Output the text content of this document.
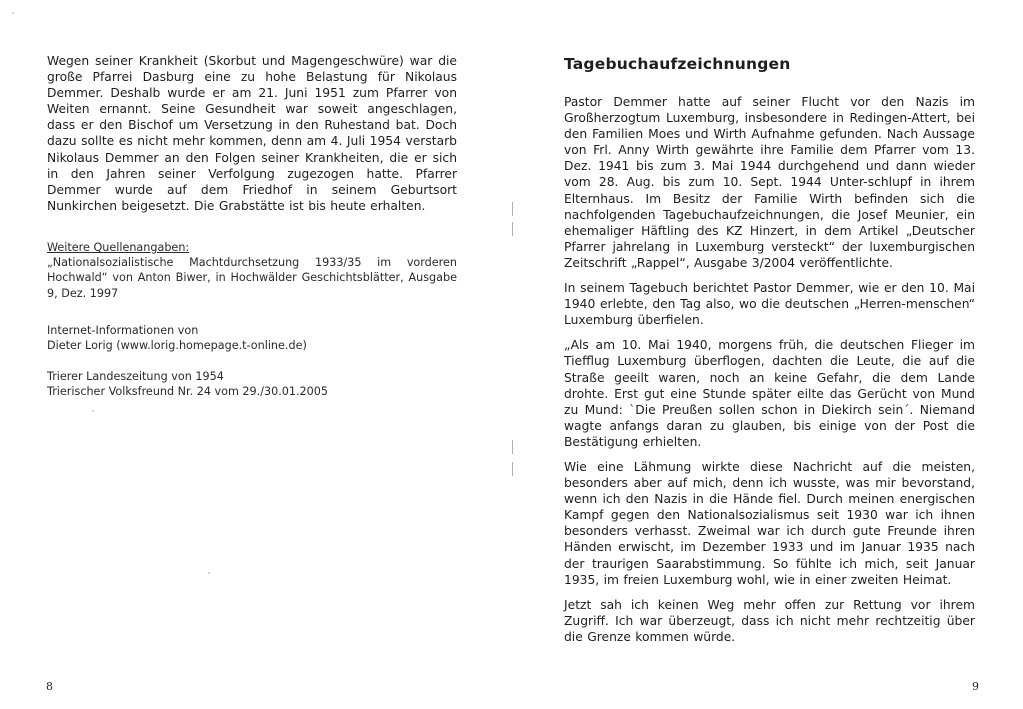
Wegen seiner Krankheit (Skorbut und Magengeschwüre) war die große Pfarrei Dasburg eine zu hohe Belastung für Nikolaus Demmer. Deshalb wurde er am 21. Juni 1951 zum Pfarrer von Weiten ernannt. Seine Gesundheit war soweit angeschlagen, dass er den Bischof um Versetzung in den Ruhestand bat. Doch dazu sollte es nicht mehr kommen, denn am 4. Juli 1954 verstarb Nikolaus Demmer an den Folgen seiner Krankheiten, die er sich in den Jahren seiner Verfolgung zugezogen hatte. Pfarrer Demmer wurde auf dem Friedhof in seinem Geburtsort Nunkirchen beigesetzt. Die Grabstätte ist bis heute erhalten.

Weitere Quellenangaben:
„Nationalsozialistische Machtdurchsetzung 1933/35 im vorderen Hochwald“ von Anton Biwer, in Hochwälder Geschichtsblätter, Ausgabe 9, Dez. 1997

Internet-Informationen von
Dieter Lorig (www.lorig.homepage.t-online.de)

Trierer Landeszeitung von 1954
Trierischer Volksfreund Nr. 24 vom 29./30.01.2005

8
Tagebuchaufzeichnungen

Pastor Demmer hatte auf seiner Flucht vor den Nazis im Großherzogtum Luxemburg, insbesondere in Redingen-Attert, bei den Familien Moes und Wirth Aufnahme gefunden. Nach Aussage von Frl. Anny Wirth gewährte ihre Familie dem Pfarrer vom 13. Dez. 1941 bis zum 3. Mai 1944 durchgehend und dann wieder vom 28. Aug. bis zum 10. Sept. 1944 Unter-schlupf in ihrem Elternhaus. Im Besitz der Familie Wirth befinden sich die nachfolgenden Tagebuchaufzeichnungen, die Josef Meunier, ein ehemaliger Häftling des KZ Hinzert, in dem Artikel „Deutscher Pfarrer jahrelang in Luxemburg versteckt“ der luxemburgischen Zeitschrift „Rappel“, Ausgabe 3/2004 veröffentlichte.

In seinem Tagebuch berichtet Pastor Demmer, wie er den 10. Mai 1940 erlebte, den Tag also, wo die deutschen „Herren-menschen“ Luxemburg überfielen.

„Als am 10. Mai 1940, morgens früh, die deutschen Flieger im Tiefflug Luxemburg überflogen, dachten die Leute, die auf die Straße geeilt waren, noch an keine Gefahr, die dem Lande drohte. Erst gut eine Stunde später eilte das Gerücht von Mund zu Mund: `Die Preußen sollen schon in Diekirch sein´. Niemand wagte anfangs daran zu glauben, bis einige von der Post die Bestätigung erhielten.

Wie eine Lähmung wirkte diese Nachricht auf die meisten, besonders aber auf mich, denn ich wusste, was mir bevorstand, wenn ich den Nazis in die Hände fiel. Durch meinen energischen Kampf gegen den Nationalsozialismus seit 1930 war ich ihnen besonders verhasst. Zweimal war ich durch gute Freunde ihren Händen erwischt, im Dezember 1933 und im Januar 1935 nach der traurigen Saarabstimmung. So fühlte ich mich, seit Januar 1935, im freien Luxemburg wohl, wie in einer zweiten Heimat.

Jetzt sah ich keinen Weg mehr offen zur Rettung vor ihrem Zugriff. Ich war überzeugt, dass ich nicht mehr rechtzeitig über die Grenze kommen würde.

9
